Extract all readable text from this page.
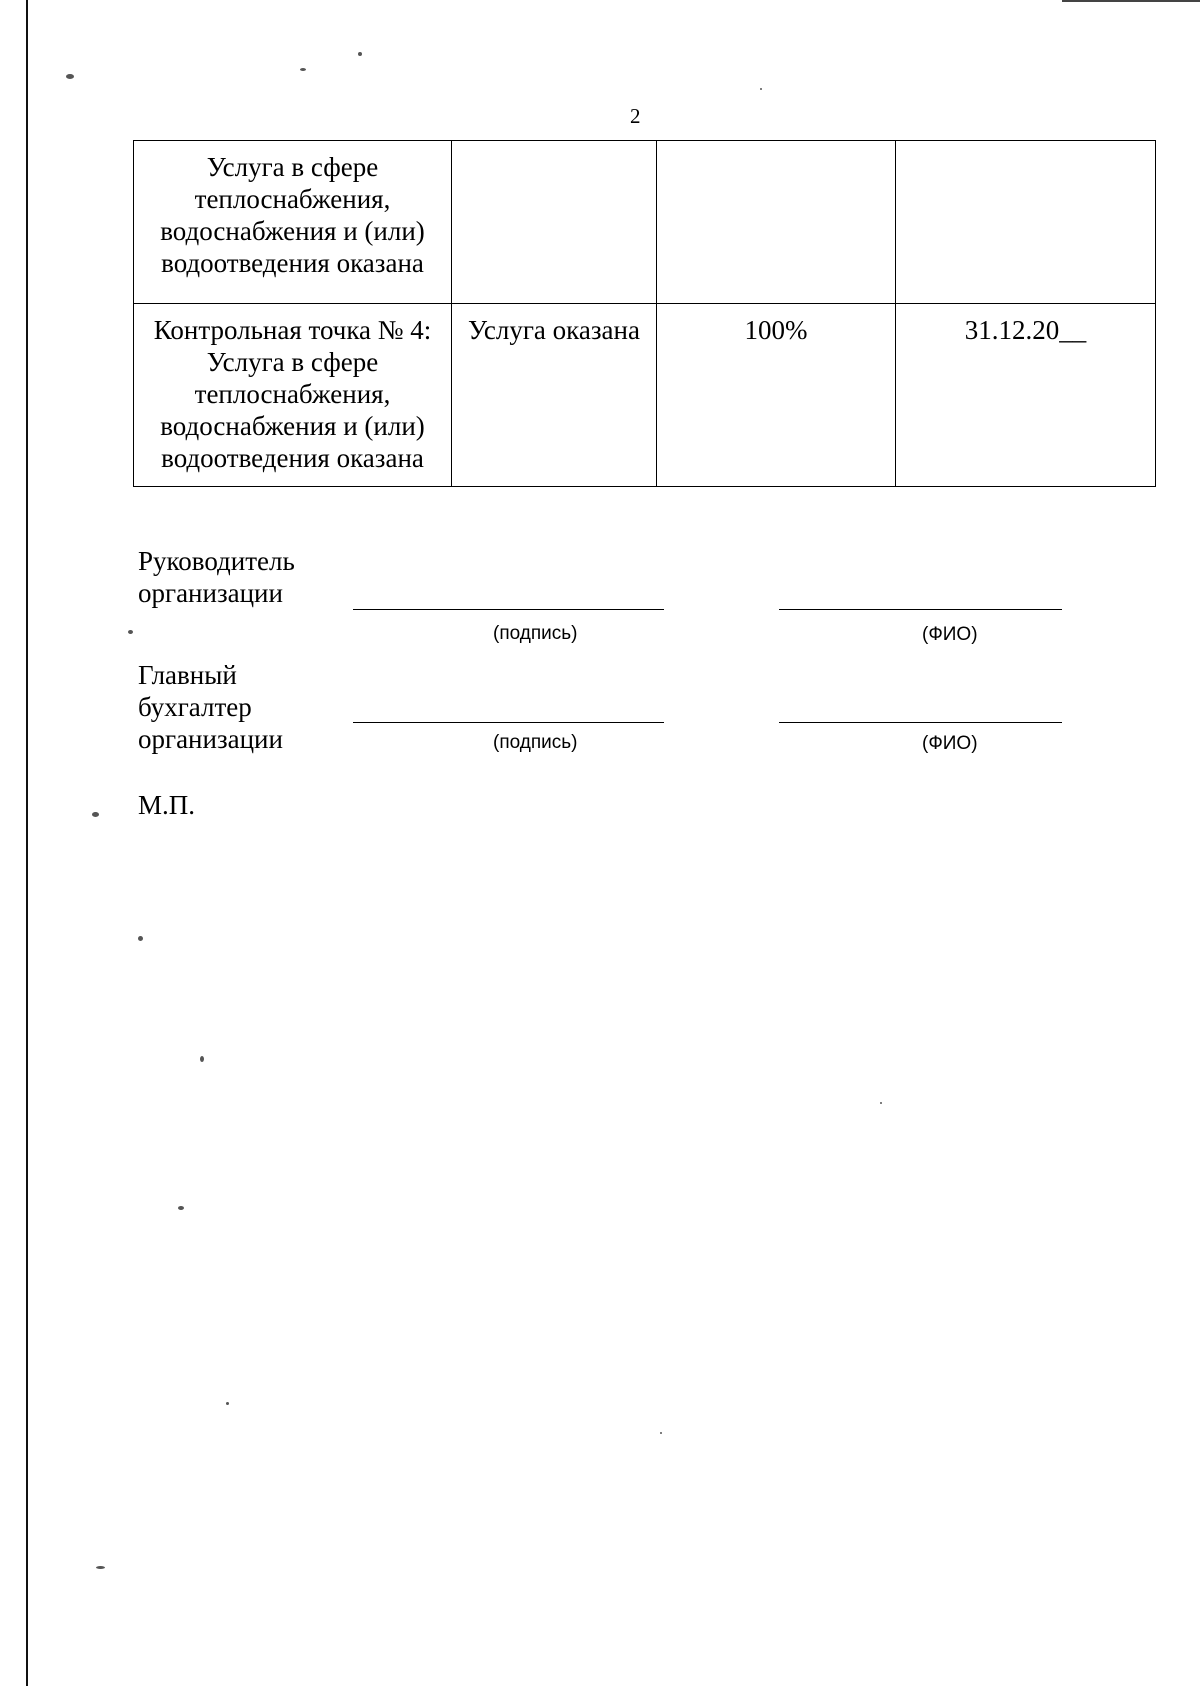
2
Услуга в сфере
теплоснабжения,
водоснабжения и (или)
водоотведения оказана			
Контрольная точка № 4:
Услуга в сфере
теплоснабжения,
водоснабжения и (или)
водоотведения оказана	Услуга оказана	100%	31.12.20__
Руководитель
организации
(подпись)	(ФИО)
Главный
бухгалтер
организации	(подпись)	(ФИО)
М.П.
